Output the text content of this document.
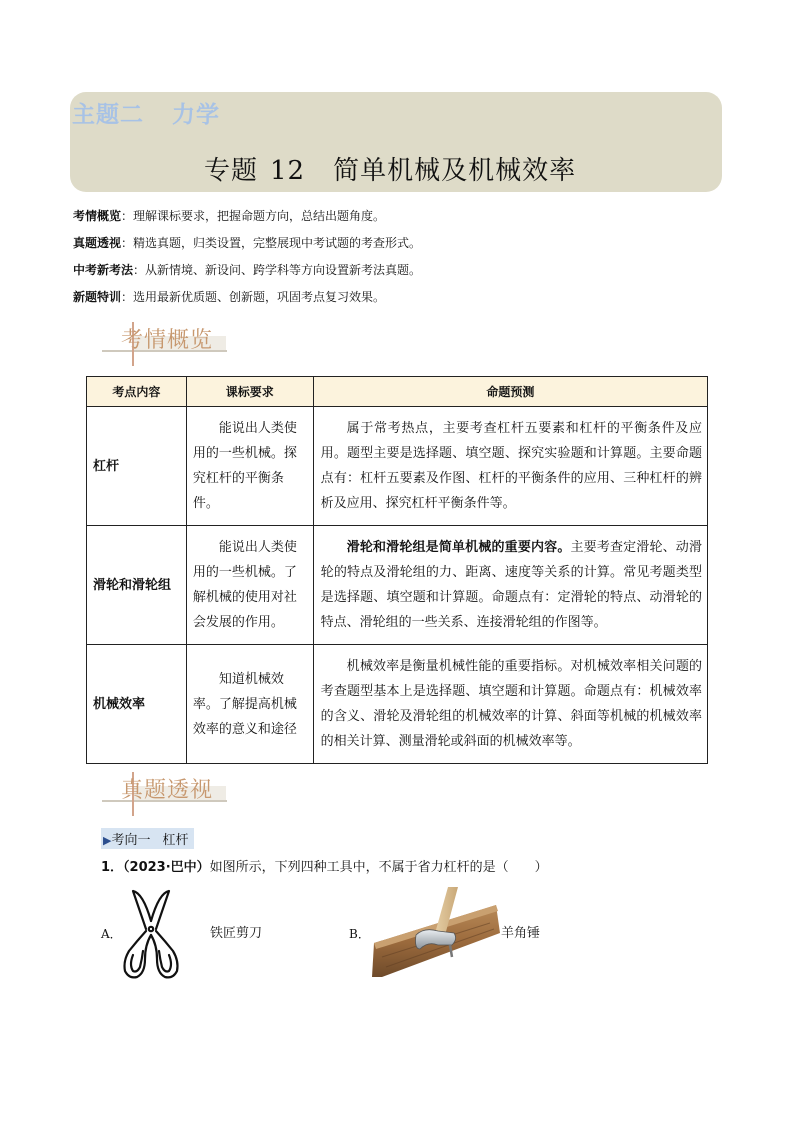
主题二 力学
专题 12 简单机械及机械效率
考情概览：理解课标要求，把握命题方向，总结出题角度。
真题透视：精选真题，归类设置，完整展现中考试题的考查形式。
中考新考法：从新情境、新设问、跨学科等方向设置新考法真题。
新题特训：选用最新优质题、创新题，巩固考点复习效果。
考情概览
考点内容	课标要求	命题预测
杠杆	能说出人类使用的一些机械。探究杠杆的平衡条件。	属于常考热点，主要考查杠杆五要素和杠杆的平衡条件及应用。题型主要是选择题、填空题、探究实验题和计算题。主要命题点有：杠杆五要素及作图、杠杆的平衡条件的应用、三种杠杆的辨析及应用、探究杠杆平衡条件等。
滑轮和滑轮组	能说出人类使用的一些机械。了解机械的使用对社会发展的作用。	滑轮和滑轮组是简单机械的重要内容。主要考查定滑轮、动滑轮的特点及滑轮组的力、距离、速度等关系的计算。常见考题类型是选择题、填空题和计算题。命题点有：定滑轮的特点、动滑轮的特点、滑轮组的一些关系、连接滑轮组的作图等。
机械效率	知道机械效率。了解提高机械效率的意义和途径	机械效率是衡量机械性能的重要指标。对机械效率相关问题的考查题型基本上是选择题、填空题和计算题。命题点有：机械效率的含义、滑轮及滑轮组的机械效率的计算、斜面等机械的机械效率的相关计算、测量滑轮或斜面的机械效率等。
真题透视
▶考向一 杠杆
1．（2023·巴中）如图所示，下列四种工具中，不属于省力杠杆的是（　　）
A．	铁匠剪刀	B．	羊角锤
